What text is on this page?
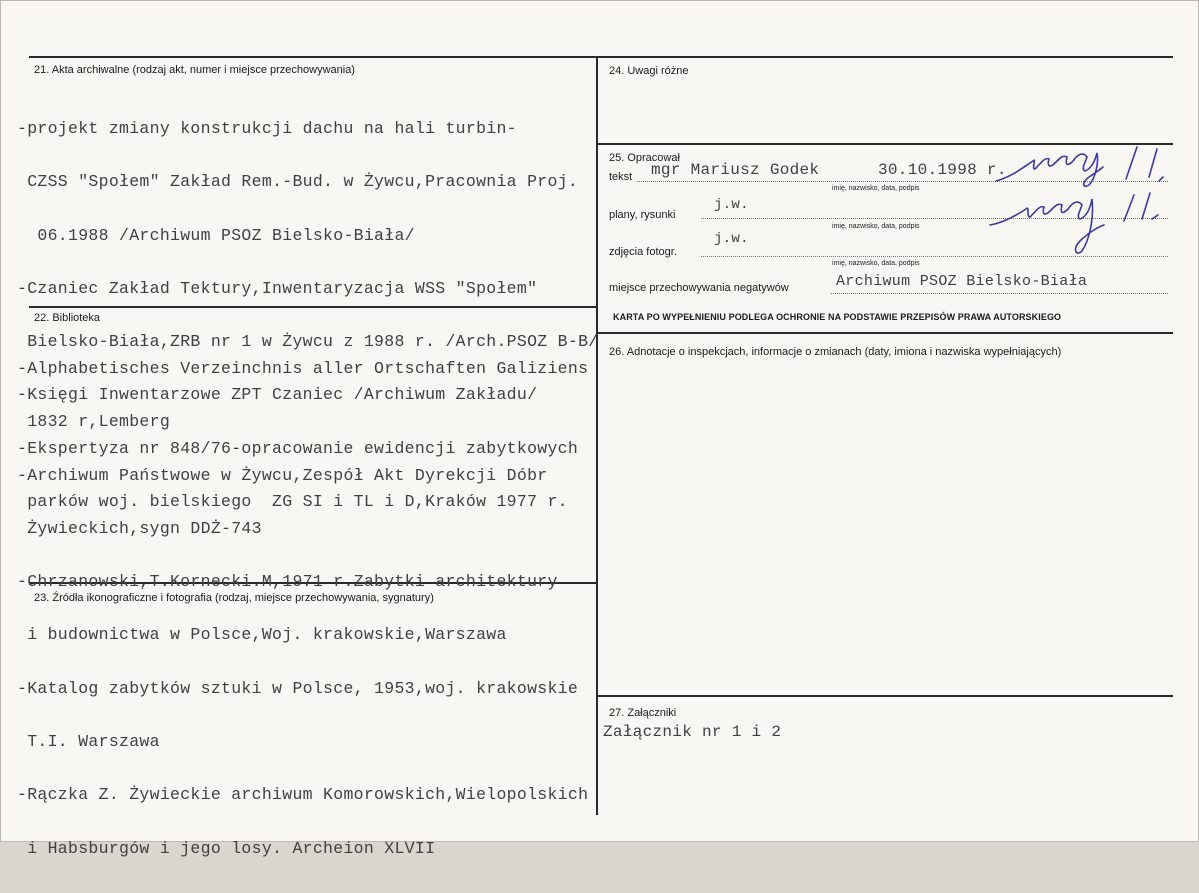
21. Akta archiwalne (rodzaj akt, numer i miejsce przechowywania)

-projekt zmiany konstrukcji dachu na hali turbin-

CZSS "Społem" Zakład Rem.-Bud. w Żywcu,Pracownia Proj.

06.1988 /Archiwum PSOZ Bielsko-Biała/

-Czaniec Zakład Tektury,Inwentaryzacja WSS "Społem"

Bielsko-Biała,ZRB nr 1 w Żywcu z 1988 r. /Arch.PSOZ B-B/

-Księgi Inwentarzowe ZPT Czaniec /Archiwum Zakładu/

-Ekspertyza nr 848/76-opracowanie ewidencji zabytkowych

parków woj. bielskiego  ZG SI i TL i D,Kraków 1977 r.

22. Biblioteka

-Alphabetisches Verzeinchnis aller Ortschaften Galiziens

1832 r,Lemberg

-Archiwum Państwowe w Żywcu,Zespół Akt Dyrekcji Dóbr

Żywieckich,sygn DDŻ-743

-Chrzanowski,T.Kornecki.M,1971 r.Zabytki architektury

i budownictwa w Polsce,Woj. krakowskie,Warszawa

-Katalog zabytków sztuki w Polsce, 1953,woj. krakowskie

T.I. Warszawa

-Rączka Z. Żywieckie archiwum Komorowskich,Wielopolskich

i Habsburgów i jego losy. Archeion XLVII

23. Źródła ikonograficzne i fotografia (rodzaj, miejsce przechowywania, sygnatury)
24. Uwagi różne
25. Opracował
tekst mgr Mariusz Godek	30.10.1998 r.
imię, nazwisko, data, podpis
plany, rysunki
j.w.
imię, nazwisko, data, podpis
zdjęcia fotogr.
j.w.
imię, nazwisko, data, podpis
miejsce przechowywania negatywów	Archiwum PSOZ Bielsko-Biała
KARTA PO WYPEŁNIENIU PODLEGA OCHRONIE NA PODSTAWIE PRZEPISÓW PRAWA AUTORSKIEGO
26. Adnotacje o inspekcjach, informacje o zmianach (daty, imiona i nazwiska wypełniających)
27. Załączniki
Załącznik nr 1 i 2
